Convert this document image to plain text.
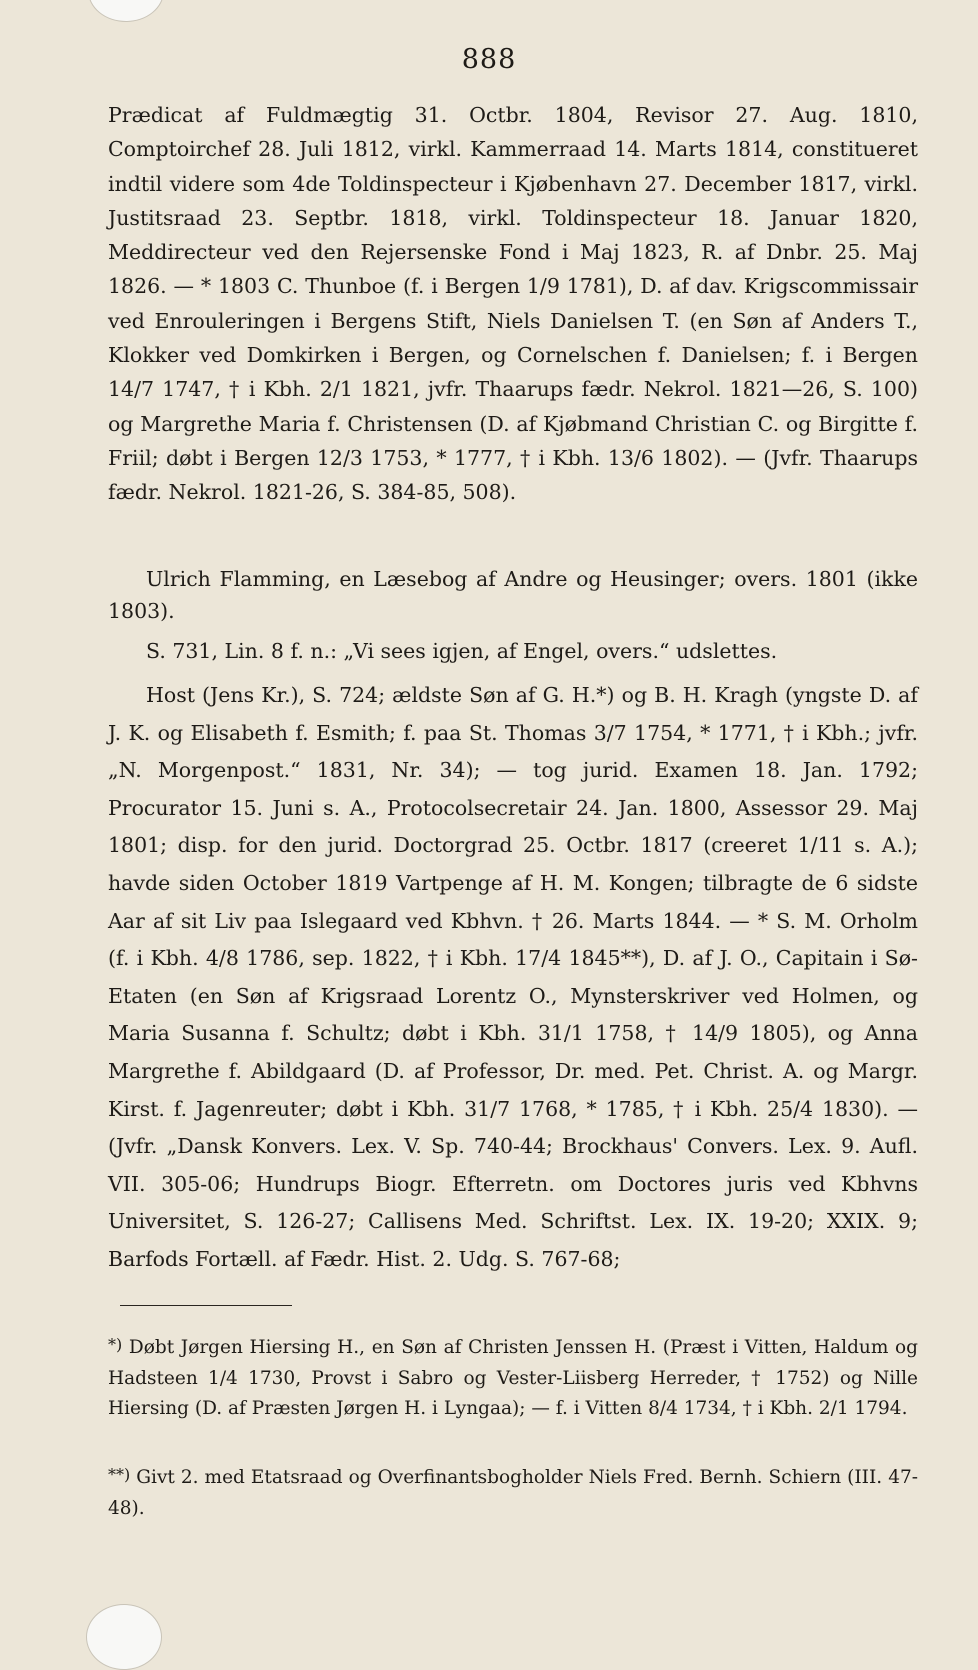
888

Prædicat af Fuldmægtig 31. Octbr. 1804, Revisor 27. Aug. 1810, Comptoirchef 28. Juli 1812, virkl. Kammerraad 14. Marts 1814, constitueret indtil videre som 4de Toldinspecteur i Kjøbenhavn 27. December 1817, virkl. Justitsraad 23. Septbr. 1818, virkl. Toldinspecteur 18. Januar 1820, Meddirecteur ved den Rejersenske Fond i Maj 1823, R. af Dnbr. 25. Maj 1826. — * 1803 C. Thunboe (f. i Bergen 1/9 1781), D. af dav. Krigscommissair ved Enrouleringen i Bergens Stift, Niels Danielsen T. (en Søn af Anders T., Klokker ved Domkirken i Bergen, og Cornelschen f. Danielsen; f. i Bergen 14/7 1747, † i Kbh. 2/1 1821, jvfr. Thaarups fædr. Nekrol. 1821—26, S. 100) og Margrethe Maria f. Christensen (D. af Kjøbmand Christian C. og Birgitte f. Friil; døbt i Bergen 12/3 1753, * 1777, † i Kbh. 13/6 1802). — (Jvfr. Thaarups fædr. Nekrol. 1821-26, S. 384-85, 508).

Ulrich Flamming, en Læsebog af Andre og Heusinger; overs. 1801 (ikke 1803).

S. 731, Lin. 8 f. n.: „Vi sees igjen, af Engel, overs.“ udslettes.

Host (Jens Kr.), S. 724; ældste Søn af G. H.*) og B. H. Kragh (yngste D. af J. K. og Elisabeth f. Esmith; f. paa St. Thomas 3/7 1754, * 1771, † i Kbh.; jvfr. „N. Morgenpost.“ 1831, Nr. 34); — tog jurid. Examen 18. Jan. 1792; Procurator 15. Juni s. A., Protocolsecretair 24. Jan. 1800, Assessor 29. Maj 1801; disp. for den jurid. Doctorgrad 25. Octbr. 1817 (creeret 1/11 s. A.); havde siden October 1819 Vartpenge af H. M. Kongen; tilbragte de 6 sidste Aar af sit Liv paa Islegaard ved Kbhvn. † 26. Marts 1844. — * S. M. Orholm (f. i Kbh. 4/8 1786, sep. 1822, † i Kbh. 17/4 1845**), D. af J. O., Capitain i Sø-Etaten (en Søn af Krigsraad Lorentz O., Mynsterskriver ved Holmen, og Maria Susanna f. Schultz; døbt i Kbh. 31/1 1758, † 14/9 1805), og Anna Margrethe f. Abildgaard (D. af Professor, Dr. med. Pet. Christ. A. og Margr. Kirst. f. Jagenreuter; døbt i Kbh. 31/7 1768, * 1785, † i Kbh. 25/4 1830). — (Jvfr. „Dansk Konvers. Lex. V. Sp. 740-44; Brockhaus' Convers. Lex. 9. Aufl. VII. 305-06; Hundrups Biogr. Efterretn. om Doctores juris ved Kbhvns Universitet, S. 126-27; Callisens Med. Schriftst. Lex. IX. 19-20; XXIX. 9; Barfods Fortæll. af Fædr. Hist. 2. Udg. S. 767-68;

*) Døbt Jørgen Hiersing H., en Søn af Christen Jenssen H. (Præst i Vitten, Haldum og Hadsteen 1/4 1730, Provst i Sabro og Vester-Liisberg Herreder, † 1752) og Nille Hiersing (D. af Præsten Jørgen H. i Lyngaa); — f. i Vitten 8/4 1734, † i Kbh. 2/1 1794.
**) Givt 2. med Etatsraad og Overfinantsbogholder Niels Fred. Bernh. Schiern (III. 47-48).
